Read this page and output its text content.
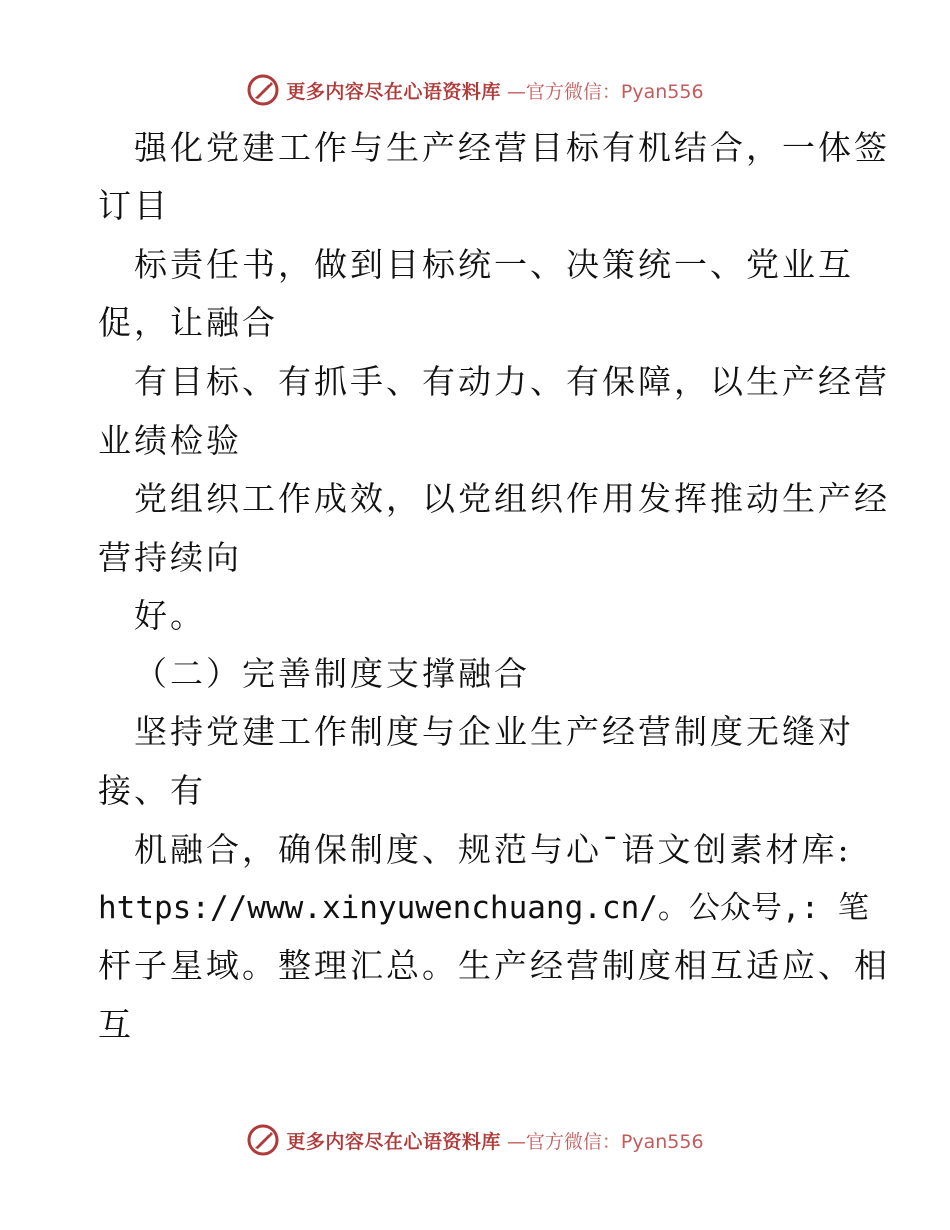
更多内容尽在心语资料库 —官方微信：Pyan556
强化党建工作与生产经营目标有机结合，一体签
订目
标责任书，做到目标统一、决策统一、党业互
促，让融合
有目标、有抓手、有动力、有保障，以生产经营
业绩检验
党组织工作成效，以党组织作用发挥推动生产经
营持续向
好。
（二）完善制度支撑融合
坚持党建工作制度与企业生产经营制度无缝对
接、有
机融合，确保制度、规范与心¯语文创素材库:
https://www.xinyuwenchuang.cn/。公众号,: 笔
杆子星域。整理汇总。生产经营制度相互适应、相
互
更多内容尽在心语资料库 —官方微信：Pyan556
